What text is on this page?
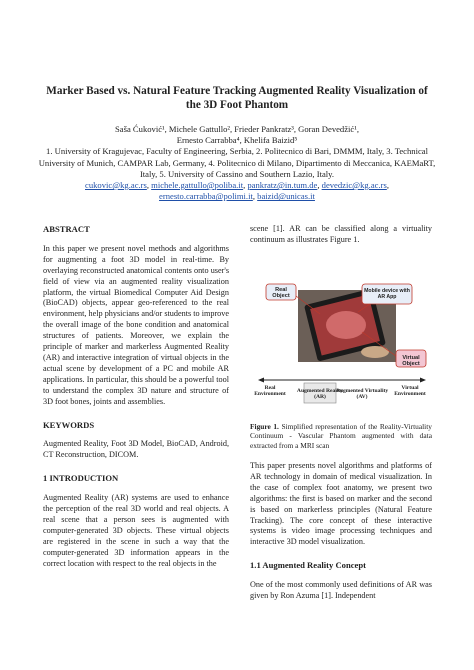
Marker Based vs. Natural Feature Tracking Augmented Reality Visualization of the 3D Foot Phantom
Saša Ćuković¹, Michele Gattullo², Frieder Pankratz³, Goran Devedžić¹,
Ernesto Carrabba⁴, Khelifa Baizid⁵
1. University of Kragujevac, Faculty of Engineering, Serbia, 2. Politecnico di Bari, DMMM, Italy, 3. Technical University of Munich, CAMPAR Lab, Germany, 4. Politecnico di Milano, Dipartimento di Meccanica, KAEMaRT, Italy, 5. University of Cassino and Southern Lazio, Italy.
cukovic@kg.ac.rs, michele.gattullo@poliba.it, pankratz@in.tum.de, devedzic@kg.ac.rs,
ernesto.carrabba@polimi.it, baizid@unicas.it
ABSTRACT

In this paper we present novel methods and algorithms for augmenting a foot 3D model in real-time. By overlaying reconstructed anatomical contents onto user's field of view via an augmented reality visualization platform, the virtual Biomedical Computer Aid Design (BioCAD) objects, appear geo-referenced to the real environment, help physicians and/or students to improve the overall image of the bone condition and anatomical structures of patients. Moreover, we explain the principle of marker and markerless Augmented Reality (AR) and interactive integration of virtual objects in the actual scene by development of a PC and mobile AR applications. In particular, this should be a powerful tool to understand the complex 3D nature and structure of 3D foot bones, joints and assemblies.

KEYWORDS

Augmented Reality, Foot 3D Model, BioCAD, Android, CT Reconstruction, DICOM.

1 INTRODUCTION

Augmented Reality (AR) systems are used to enhance the perception of the real 3D world and real objects. A real scene that a person sees is augmented with computer-generated 3D objects. These virtual objects are registered in the scene in such a way that the computer-generated 3D information appears in the correct location with respect to the real objects in the

scene [1]. AR can be classified along a virtuality continuum as illustrates Figure 1.

Real Object
Mobile device with AR App
Virtual Object
Real Environment
Augmented Reality (AR)
Augmented Virtuality (AV)
Virtual Environment
Figure 1. Simplified representation of the Reality-Virtuality Continuum - Vascular Phantom augmented with data extracted from a MRI scan

This paper presents novel algorithms and platforms of AR technology in domain of medical visualization. In the case of complex foot anatomy, we present two algorithms: the first is based on marker and the second is based on markerless principles (Natural Feature Tracking). The core concept of these interactive systems is video image processing techniques and interactive 3D model visualization.

1.1 Augmented Reality Concept

One of the most commonly used definitions of AR was given by Ron Azuma [1]. Independent
